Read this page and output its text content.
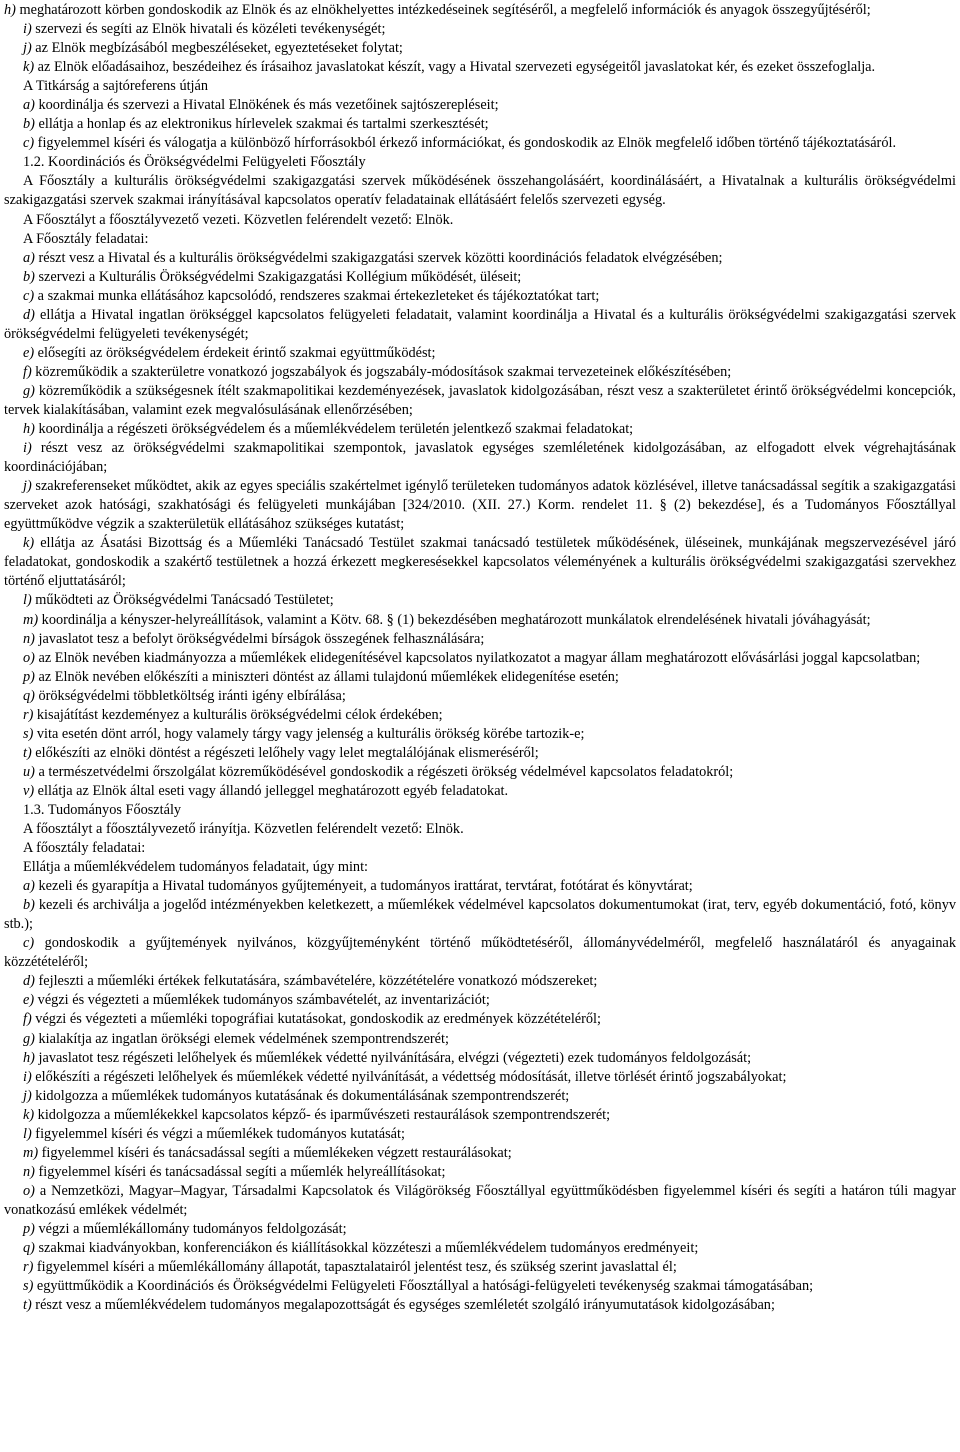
h) meghatározott körben gondoskodik az Elnök és az elnökhelyettes intézkedéseinek segítéséről, a megfelelő információk és anyagok összegyűjtéséről;

i) szervezi és segíti az Elnök hivatali és közéleti tevékenységét;

j) az Elnök megbízásából megbeszéléseket, egyeztetéseket folytat;

k) az Elnök előadásaihoz, beszédeihez és írásaihoz javaslatokat készít, vagy a Hivatal szervezeti egységeitől javaslatokat kér, és ezeket összefoglalja.

A Titkárság a sajtóreferens útján

a) koordinálja és szervezi a Hivatal Elnökének és más vezetőinek sajtószerepléseit;

b) ellátja a honlap és az elektronikus hírlevelek szakmai és tartalmi szerkesztését;

c) figyelemmel kíséri és válogatja a különböző hírforrásokból érkező információkat, és gondoskodik az Elnök megfelelő időben történő tájékoztatásáról.

1.2. Koordinációs és Örökségvédelmi Felügyeleti Főosztály

A Főosztály a kulturális örökségvédelmi szakigazgatási szervek működésének összehangolásáért, koordinálásáért, a Hivatalnak a kulturális örökségvédelmi szakigazgatási szervek szakmai irányításával kapcsolatos operatív feladatainak ellátásáért felelős szervezeti egység.

A Főosztályt a főosztályvezető vezeti. Közvetlen felérendelt vezető: Elnök.

A Főosztály feladatai:

a) részt vesz a Hivatal és a kulturális örökségvédelmi szakigazgatási szervek közötti koordinációs feladatok elvégzésében;

b) szervezi a Kulturális Örökségvédelmi Szakigazgatási Kollégium működését, üléseit;

c) a szakmai munka ellátásához kapcsolódó, rendszeres szakmai értekezleteket és tájékoztatókat tart;

d) ellátja a Hivatal ingatlan örökséggel kapcsolatos felügyeleti feladatait, valamint koordinálja a Hivatal és a kulturális örökségvédelmi szakigazgatási szervek örökségvédelmi felügyeleti tevékenységét;

e) elősegíti az örökségvédelem érdekeit érintő szakmai együttműködést;

f) közreműködik a szakterületre vonatkozó jogszabályok és jogszabály-módosítások szakmai tervezeteinek előkészítésében;

g) közreműködik a szükségesnek ítélt szakmapolitikai kezdeményezések, javaslatok kidolgozásában, részt vesz a szakterületet érintő örökségvédelmi koncepciók, tervek kialakításában, valamint ezek megvalósulásának ellenőrzésében;

h) koordinálja a régészeti örökségvédelem és a műemlékvédelem területén jelentkező szakmai feladatokat;

i) részt vesz az örökségvédelmi szakmapolitikai szempontok, javaslatok egységes szemléletének kidolgozásában, az elfogadott elvek végrehajtásának koordinációjában;

j) szakreferenseket működtet, akik az egyes speciális szakértelmet igénylő területeken tudományos adatok közlésével, illetve tanácsadással segítik a szakigazgatási szerveket azok hatósági, szakhatósági és felügyeleti munkájában [324/2010. (XII. 27.) Korm. rendelet 11. § (2) bekezdése], és a Tudományos Főosztállyal együttműködve végzik a szakterületük ellátásához szükséges kutatást;

k) ellátja az Ásatási Bizottság és a Műemléki Tanácsadó Testület szakmai tanácsadó testületek működésének, üléseinek, munkájának megszervezésével járó feladatokat, gondoskodik a szakértő testületnek a hozzá érkezett megkeresésekkel kapcsolatos véleményének a kulturális örökségvédelmi szakigazgatási szervekhez történő eljuttatásáról;

l) működteti az Örökségvédelmi Tanácsadó Testületet;

m) koordinálja a kényszer-helyreállítások, valamint a Kötv. 68. § (1) bekezdésében meghatározott munkálatok elrendelésének hivatali jóváhagyását;

n) javaslatot tesz a befolyt örökségvédelmi bírságok összegének felhasználására;

o) az Elnök nevében kiadmányozza a műemlékek elidegenítésével kapcsolatos nyilatkozatot a magyar állam meghatározott elővásárlási joggal kapcsolatban;

p) az Elnök nevében előkészíti a miniszteri döntést az állami tulajdonú műemlékek elidegenítése esetén;

q) örökségvédelmi többletköltség iránti igény elbírálása;

r) kisajátítást kezdeményez a kulturális örökségvédelmi célok érdekében;

s) vita esetén dönt arról, hogy valamely tárgy vagy jelenség a kulturális örökség körébe tartozik-e;

t) előkészíti az elnöki döntést a régészeti lelőhely vagy lelet megtalálójának elismeréséről;

u) a természetvédelmi őrszolgálat közreműködésével gondoskodik a régészeti örökség védelmével kapcsolatos feladatokról;

v) ellátja az Elnök által eseti vagy állandó jelleggel meghatározott egyéb feladatokat.

1.3. Tudományos Főosztály

A főosztályt a főosztályvezető irányítja. Közvetlen felérendelt vezető: Elnök.

A főosztály feladatai:

Ellátja a műemlékvédelem tudományos feladatait, úgy mint:

a) kezeli és gyarapítja a Hivatal tudományos gyűjteményeit, a tudományos irattárat, tervtárat, fotótárat és könyvtárat;

b) kezeli és archiválja a jogelőd intézményekben keletkezett, a műemlékek védelmével kapcsolatos dokumentumokat (irat, terv, egyéb dokumentáció, fotó, könyv stb.);

c) gondoskodik a gyűjtemények nyilvános, közgyűjteményként történő működtetéséről, állományvédelméről, megfelelő használatáról és anyagainak közzétételéről;

d) fejleszti a műemléki értékek felkutatására, számbavételére, közzétételére vonatkozó módszereket;

e) végzi és végezteti a műemlékek tudományos számbavételét, az inventarizációt;

f) végzi és végezteti a műemléki topográfiai kutatásokat, gondoskodik az eredmények közzétételéről;

g) kialakítja az ingatlan örökségi elemek védelmének szempontrendszerét;

h) javaslatot tesz régészeti lelőhelyek és műemlékek védetté nyilvánítására, elvégzi (végezteti) ezek tudományos feldolgozását;

i) előkészíti a régészeti lelőhelyek és műemlékek védetté nyilvánítását, a védettség módosítását, illetve törlését érintő jogszabályokat;

j) kidolgozza a műemlékek tudományos kutatásának és dokumentálásának szempontrendszerét;

k) kidolgozza a műemlékekkel kapcsolatos képző- és iparművészeti restaurálások szempontrendszerét;

l) figyelemmel kíséri és végzi a műemlékek tudományos kutatását;

m) figyelemmel kíséri és tanácsadással segíti a műemlékeken végzett restaurálásokat;

n) figyelemmel kíséri és tanácsadással segíti a műemlék helyreállításokat;

o) a Nemzetközi, Magyar–Magyar, Társadalmi Kapcsolatok és Világörökség Főosztállyal együttműködésben figyelemmel kíséri és segíti a határon túli magyar vonatkozású emlékek védelmét;

p) végzi a műemlékállomány tudományos feldolgozását;

q) szakmai kiadványokban, konferenciákon és kiállításokkal közzéteszi a műemlékvédelem tudományos eredményeit;

r) figyelemmel kíséri a műemlékállomány állapotát, tapasztalatairól jelentést tesz, és szükség szerint javaslattal él;

s) együttműködik a Koordinációs és Örökségvédelmi Felügyeleti Főosztállyal a hatósági-felügyeleti tevékenység szakmai támogatásában;

t) részt vesz a műemlékvédelem tudományos megalapozottságát és egységes szemléletét szolgáló irányumutatások kidolgozásában;
